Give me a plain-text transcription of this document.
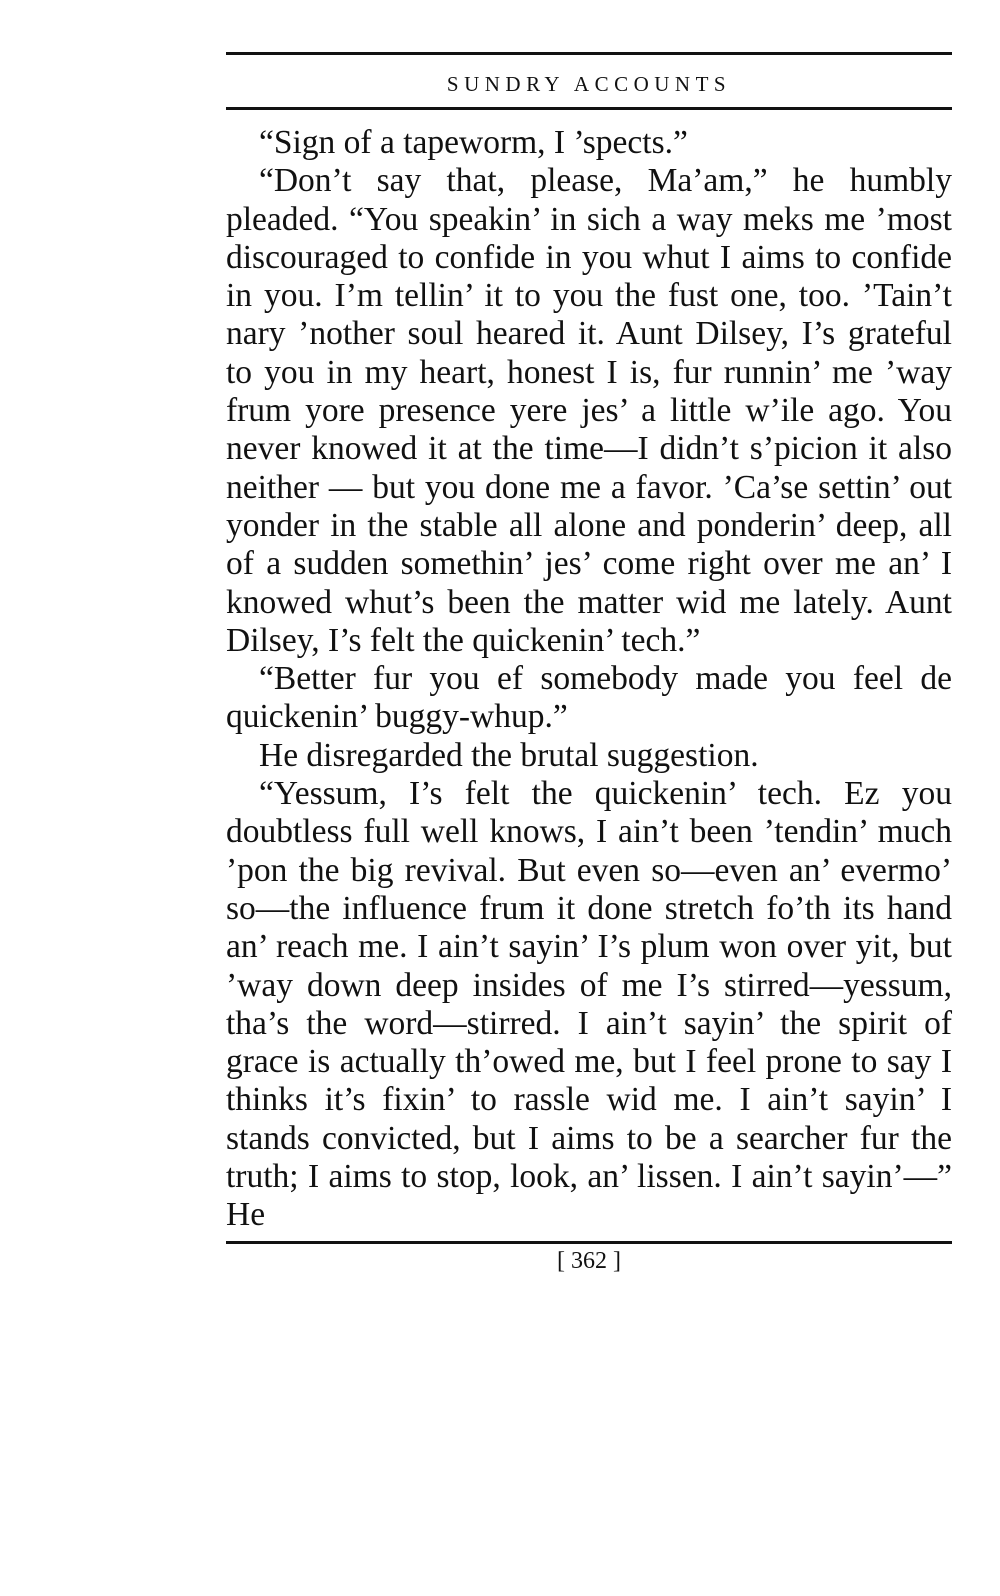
SUNDRY ACCOUNTS

“Sign of a tapeworm, I ’spects.”

“Don’t say that, please, Ma’am,” he humbly pleaded. “You speakin’ in sich a way meks me ’most discouraged to confide in you whut I aims to confide in you. I’m tellin’ it to you the fust one, too. ’Tain’t nary ’nother soul heared it. Aunt Dilsey, I’s grateful to you in my heart, honest I is, fur runnin’ me ’way frum yore presence yere jes’ a little w’ile ago. You never knowed it at the time—I didn’t s’picion it also neither — but you done me a favor. ’Ca’se settin’ out yonder in the stable all alone and ponderin’ deep, all of a sudden somethin’ jes’ come right over me an’ I knowed whut’s been the matter wid me lately. Aunt Dilsey, I’s felt the quickenin’ tech.”

“Better fur you ef somebody made you feel de quickenin’ buggy-whup.”

He disregarded the brutal suggestion.

“Yessum, I’s felt the quickenin’ tech. Ez you doubtless full well knows, I ain’t been ’tendin’ much ’pon the big revival. But even so—even an’ evermo’ so—the influence frum it done stretch fo’th its hand an’ reach me. I ain’t sayin’ I’s plum won over yit, but ’way down deep insides of me I’s stirred—yessum, tha’s the word—stirred. I ain’t sayin’ the spirit of grace is actually th’owed me, but I feel prone to say I thinks it’s fixin’ to rassle wid me. I ain’t sayin’ I stands convicted, but I aims to be a searcher fur the truth; I aims to stop, look, an’ lissen. I ain’t sayin’—” He

[ 362 ]
